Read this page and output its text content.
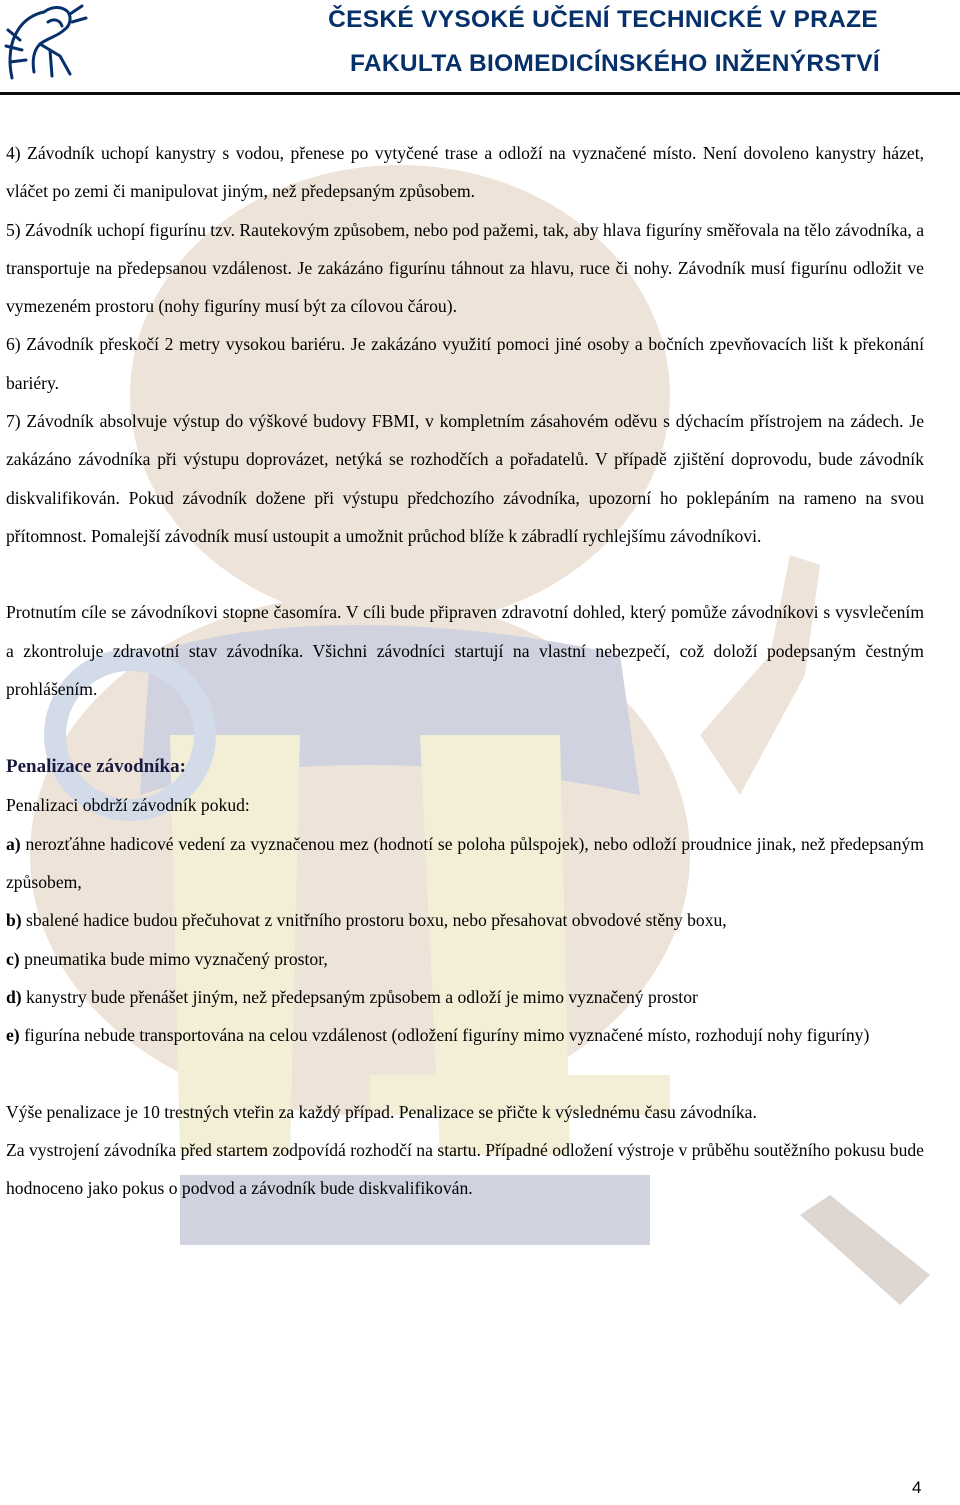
ČESKÉ VYSOKÉ UČENÍ TECHNICKÉ V PRAZE
FAKULTA BIOMEDICÍNSKÉHO INŽENÝRSTVÍ

4) Závodník uchopí kanystry s vodou, přenese po vytyčené trase a odloží na vyznačené místo. Není dovoleno kanystry házet, vláčet po zemi či manipulovat jiným, než předepsaným způsobem.

5) Závodník uchopí figurínu tzv. Rautekovým způsobem, nebo pod pažemi, tak, aby hlava figuríny směřovala na tělo závodníka, a transportuje na předepsanou vzdálenost. Je zakázáno figurínu táhnout za hlavu, ruce či nohy. Závodník musí figurínu odložit ve vymezeném prostoru (nohy figuríny musí být za cílovou čárou).

6) Závodník přeskočí 2 metry vysokou bariéru. Je zakázáno využití pomoci jiné osoby a bočních zpevňovacích lišt k překonání bariéry.

7) Závodník absolvuje výstup do výškové budovy FBMI, v kompletním zásahovém oděvu s dýchacím přístrojem na zádech. Je zakázáno závodníka při výstupu doprovázet, netýká se rozhodčích a pořadatelů. V případě zjištění doprovodu, bude závodník diskvalifikován. Pokud závodník dožene při výstupu předchozího závodníka, upozorní ho poklepáním na rameno na svou přítomnost. Pomalejší závodník musí ustoupit a umožnit průchod blíže k zábradlí rychlejšímu závodníkovi.

Protnutím cíle se závodníkovi stopne časomíra. V cíli bude připraven zdravotní dohled, který pomůže závodníkovi s vysvlečením a zkontroluje zdravotní stav závodníka. Všichni závodníci startují na vlastní nebezpečí, což doloží podepsaným čestným prohlášením.

Penalizace závodníka:

Penalizaci obdrží závodník pokud:

a) nerozťáhne hadicové vedení za vyznačenou mez (hodnotí se poloha půlspojek), nebo odloží proudnice jinak, než předepsaným způsobem,

b) sbalené hadice budou přečuhovat z vnitřního prostoru boxu, nebo přesahovat obvodové stěny boxu,

c) pneumatika bude mimo vyznačený prostor,

d) kanystry bude přenášet jiným, než předepsaným způsobem a odloží je mimo vyznačený prostor

e) figurína nebude transportována na celou vzdálenost (odložení figuríny mimo vyznačené místo, rozhodují nohy figuríny)

Výše penalizace je 10 trestných vteřin za každý případ. Penalizace se přičte k výslednému času závodníka.

Za vystrojení závodníka před startem zodpovídá rozhodčí na startu. Případné odložení výstroje v průběhu soutěžního pokusu bude hodnoceno jako pokus o podvod a závodník bude diskvalifikován.

4
